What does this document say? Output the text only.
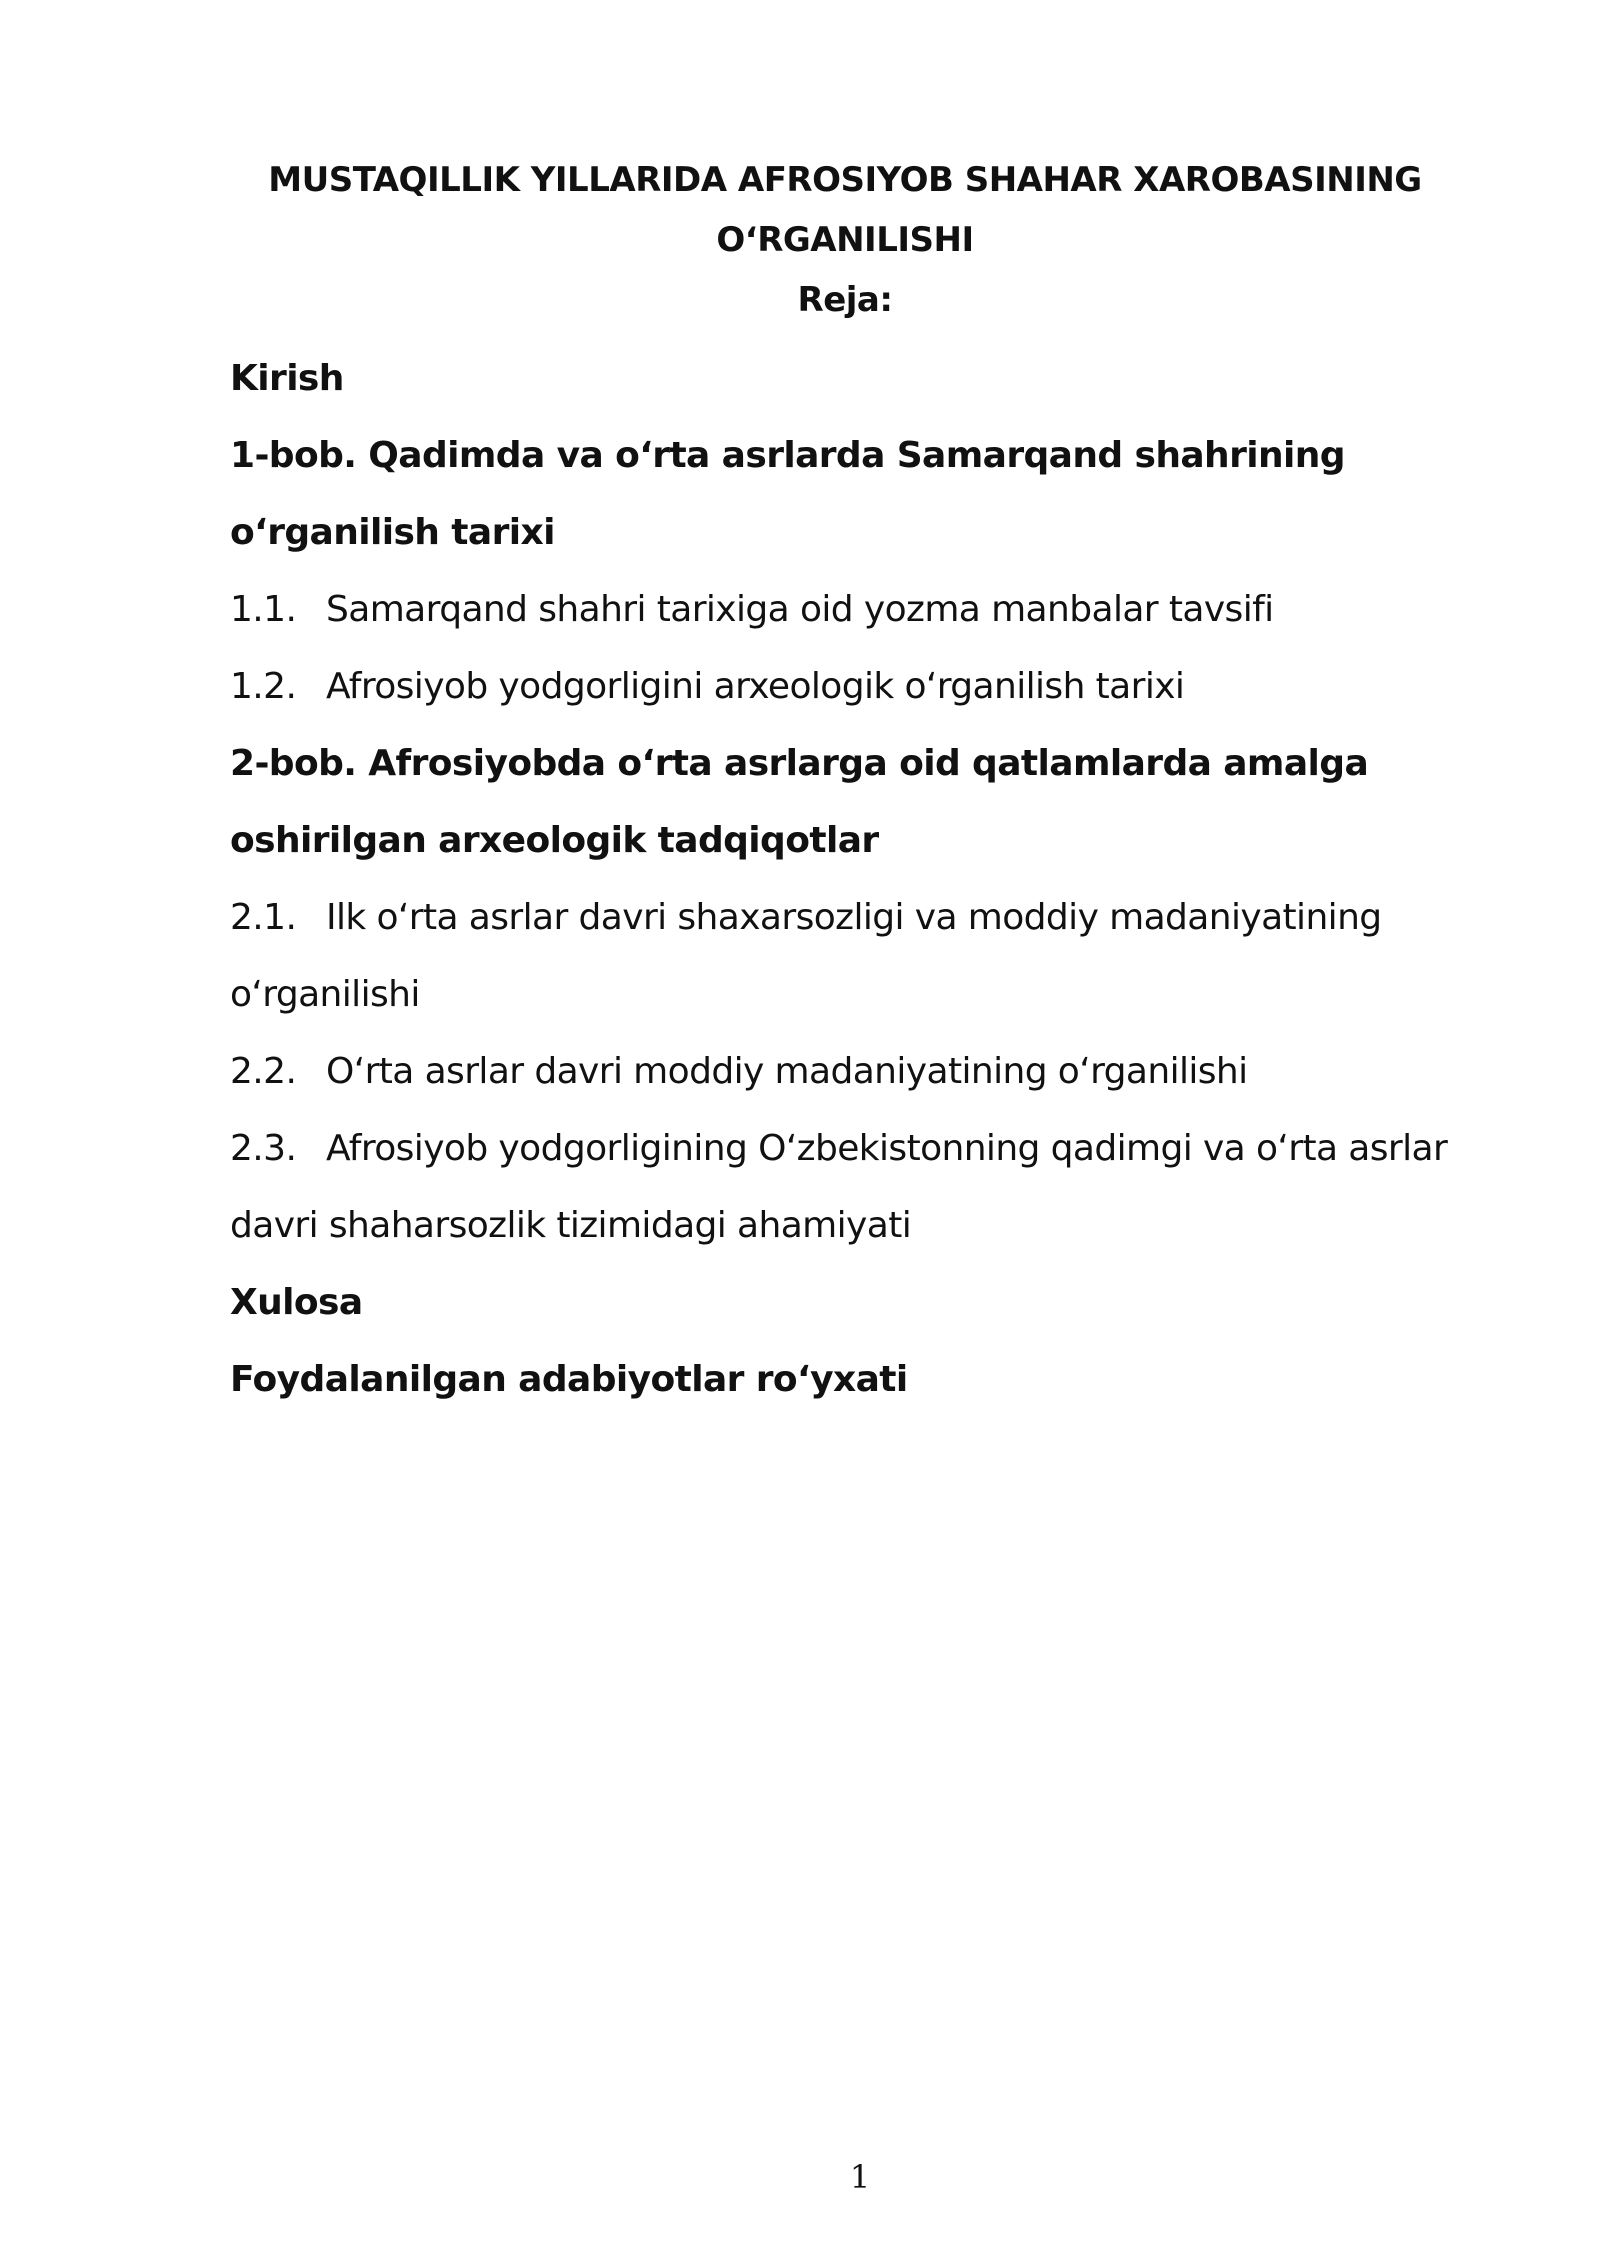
MUSTAQILLIK YILLARIDA AFROSIYOB SHAHAR XAROBASINING
O‘RGANILISHI
Reja:
Kirish
1-bob. Qadimda va o‘rta asrlarda Samarqand shahrining
o‘rganilish tarixi
1.1. Samarqand shahri tarixiga oid yozma manbalar tavsifi
1.2. Afrosiyob yodgorligini arxeologik o‘rganilish tarixi
2-bob. Afrosiyobda o‘rta asrlarga oid qatlamlarda amalga
oshirilgan arxeologik tadqiqotlar
2.1. Ilk o‘rta asrlar davri shaxarsozligi va moddiy madaniyatining
o‘rganilishi
2.2. O‘rta asrlar davri moddiy madaniyatining o‘rganilishi
2.3. Afrosiyob yodgorligining O‘zbekistonning qadimgi va o‘rta asrlar
davri shaharsozlik tizimidagi ahamiyati
Xulosa
Foydalanilgan adabiyotlar ro‘yxati
1
